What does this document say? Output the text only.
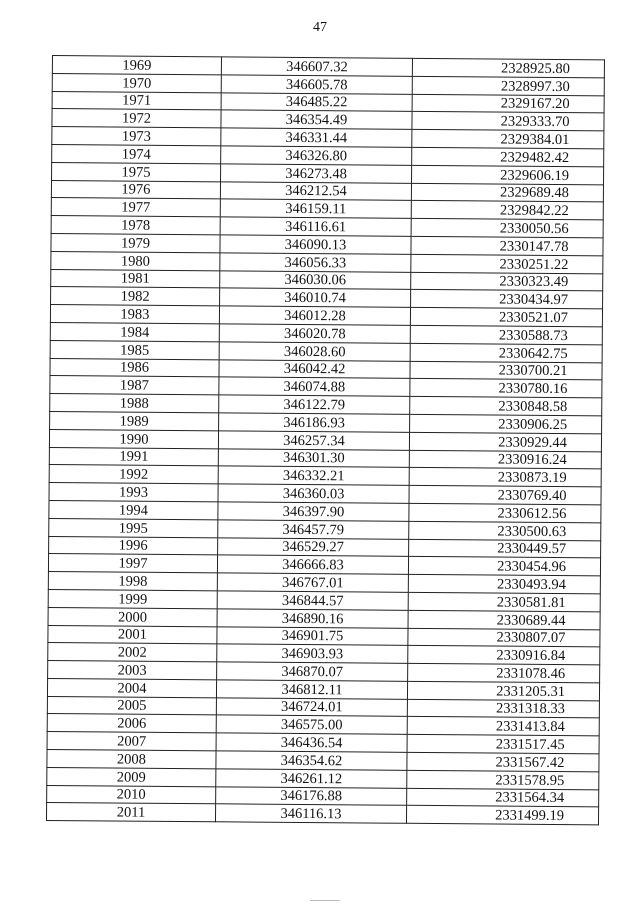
47
1969	346607.32	2328925.80
1970	346605.78	2328997.30
1971	346485.22	2329167.20
1972	346354.49	2329333.70
1973	346331.44	2329384.01
1974	346326.80	2329482.42
1975	346273.48	2329606.19
1976	346212.54	2329689.48
1977	346159.11	2329842.22
1978	346116.61	2330050.56
1979	346090.13	2330147.78
1980	346056.33	2330251.22
1981	346030.06	2330323.49
1982	346010.74	2330434.97
1983	346012.28	2330521.07
1984	346020.78	2330588.73
1985	346028.60	2330642.75
1986	346042.42	2330700.21
1987	346074.88	2330780.16
1988	346122.79	2330848.58
1989	346186.93	2330906.25
1990	346257.34	2330929.44
1991	346301.30	2330916.24
1992	346332.21	2330873.19
1993	346360.03	2330769.40
1994	346397.90	2330612.56
1995	346457.79	2330500.63
1996	346529.27	2330449.57
1997	346666.83	2330454.96
1998	346767.01	2330493.94
1999	346844.57	2330581.81
2000	346890.16	2330689.44
2001	346901.75	2330807.07
2002	346903.93	2330916.84
2003	346870.07	2331078.46
2004	346812.11	2331205.31
2005	346724.01	2331318.33
2006	346575.00	2331413.84
2007	346436.54	2331517.45
2008	346354.62	2331567.42
2009	346261.12	2331578.95
2010	346176.88	2331564.34
2011	346116.13	2331499.19
